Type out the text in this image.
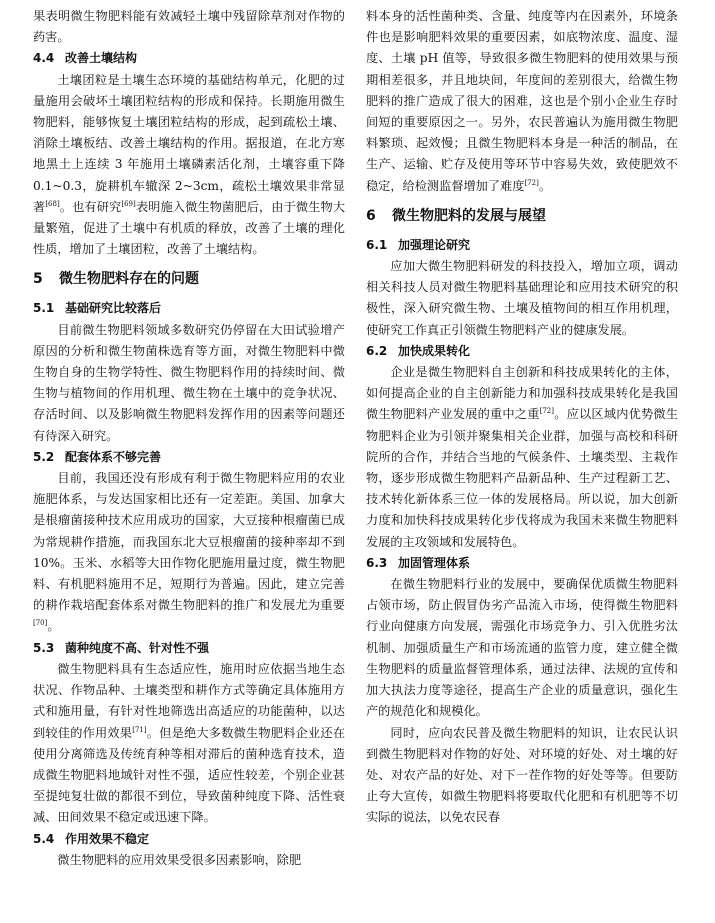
果表明微生物肥料能有效减轻土壤中残留除草剂对作物的药害。

4.4 改善土壤结构

土壤团粒是土壤生态环境的基础结构单元，化肥的过量施用会破坏土壤团粒结构的形成和保持。长期施用微生物肥料，能够恢复土壤团粒结构的形成，起到疏松土壤、消除土壤板结、改善土壤结构的作用。据报道，在北方寒地黑土上连续 3 年施用土壤磷素活化剂，土壤容重下降 0.1~0.3，旋耕机车辙深 2~3cm，疏松土壤效果非常显著[68]。也有研究[69]表明施入微生物菌肥后，由于微生物大量繁殖，促进了土壤中有机质的释放，改善了土壤的理化性质，增加了土壤团粒，改善了土壤结构。

5 微生物肥料存在的问题
5.1 基础研究比较落后

目前微生物肥料领域多数研究仍停留在大田试验增产原因的分析和微生物菌株选育等方面，对微生物肥料中微生物自身的生物学特性、微生物肥料作用的持续时间、微生物与植物间的作用机理、微生物在土壤中的竞争状况、存活时间、以及影响微生物肥料发挥作用的因素等问题还有待深入研究。

5.2 配套体系不够完善

目前，我国还没有形成有利于微生物肥料应用的农业施肥体系，与发达国家相比还有一定差距。美国、加拿大是根瘤菌接种技术应用成功的国家，大豆接种根瘤菌已成为常规耕作措施，而我国东北大豆根瘤菌的接种率却不到 10%。玉米、水稻等大田作物化肥施用量过度，微生物肥料、有机肥料施用不足，短期行为普遍。因此，建立完善的耕作栽培配套体系对微生物肥料的推广和发展尤为重要[70]。

5.3 菌种纯度不高、针对性不强

微生物肥料具有生态适应性，施用时应依据当地生态状况、作物品种、土壤类型和耕作方式等确定具体施用方式和施用量，有针对性地筛选出高适应的功能菌种，以达到较佳的作用效果[71]。但是绝大多数微生物肥料企业还在使用分离筛选及传统育种等相对滞后的菌种选育技术，造成微生物肥料地域针对性不强，适应性较差，个别企业甚至提纯复壮做的都很不到位，导致菌种纯度下降、活性衰减、田间效果不稳定或迅速下降。

5.4 作用效果不稳定

微生物肥料的应用效果受很多因素影响，除肥

料本身的活性菌种类、含量、纯度等内在因素外，环境条件也是影响肥料效果的重要因素，如底物浓度、温度、湿度、土壤 pH 值等，导致很多微生物肥料的使用效果与预期相差很多，并且地块间，年度间的差别很大，给微生物肥料的推广造成了很大的困难，这也是个别小企业生存时间短的重要原因之一。另外，农民普遍认为施用微生物肥料繁琐、起效慢；且微生物肥料本身是一种活的制品，在生产、运输、贮存及使用等环节中容易失效，致使肥效不稳定，给检测监督增加了难度[72]。

6 微生物肥料的发展与展望
6.1 加强理论研究

应加大微生物肥料研发的科技投入，增加立项，调动相关科技人员对微生物肥料基础理论和应用技术研究的积极性，深入研究微生物、土壤及植物间的相互作用机理，使研究工作真正引领微生物肥料产业的健康发展。

6.2 加快成果转化

企业是微生物肥料自主创新和科技成果转化的主体，如何提高企业的自主创新能力和加强科技成果转化是我国微生物肥料产业发展的重中之重[72]。应以区域内优势微生物肥料企业为引领并聚集相关企业群，加强与高校和科研院所的合作，并结合当地的气候条件、土壤类型、主栽作物，逐步形成微生物肥料产品新品种、生产过程新工艺、技术转化新体系三位一体的发展格局。所以说，加大创新力度和加快科技成果转化步伐将成为我国未来微生物肥料发展的主攻领域和发展特色。

6.3 加固管理体系

在微生物肥料行业的发展中，要确保优质微生物肥料占领市场，防止假冒伪劣产品流入市场，使得微生物肥料行业向健康方向发展，需强化市场竞争力、引入优胜劣汰机制、加强质量生产和市场流通的监管力度，建立健全微生物肥料的质量监督管理体系，通过法律、法规的宣传和加大执法力度等途径，提高生产企业的质量意识，强化生产的规范化和规模化。

同时，应向农民普及微生物肥料的知识，让农民认识到微生物肥料对作物的好处、对环境的好处、对土壤的好处、对农产品的好处、对下一茬作物的好处等等。但要防止夸大宣传，如微生物肥料将要取代化肥和有机肥等不切实际的说法，以免农民春
